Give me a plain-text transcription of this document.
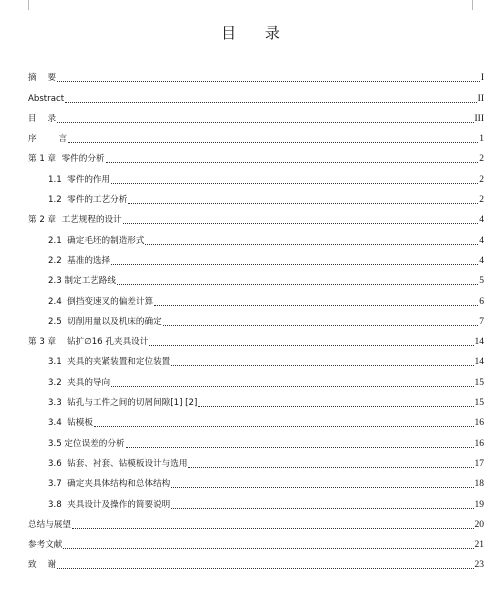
目 录
摘    要	I
Abstract	II
目    录	III
序        言	1
第 1 章  零件的分析	2
1.1  零件的作用	2
1.2  零件的工艺分析	2
第 2 章  工艺规程的设计	4
2.1  确定毛坯的制造形式	4
2.2  基准的选择	4
2.3 制定工艺路线	5
2.4  倒挡变速叉的偏差计算	6
2.5  切削用量以及机床的确定	7
第 3 章    钻扩∅16 孔夹具设计	14
3.1  夹具的夹紧装置和定位装置	14
3.2  夹具的导向	15
3.3  钻孔与工件之间的切屑间隙[1] [2]	15
3.4  钻模板	16
3.5 定位误差的分析	16
3.6  钻套、衬套、钻模板设计与选用	17
3.7  确定夹具体结构和总体结构	18
3.8  夹具设计及操作的简要说明	19
总结与展望	20
参考文献	21
致    谢	23
